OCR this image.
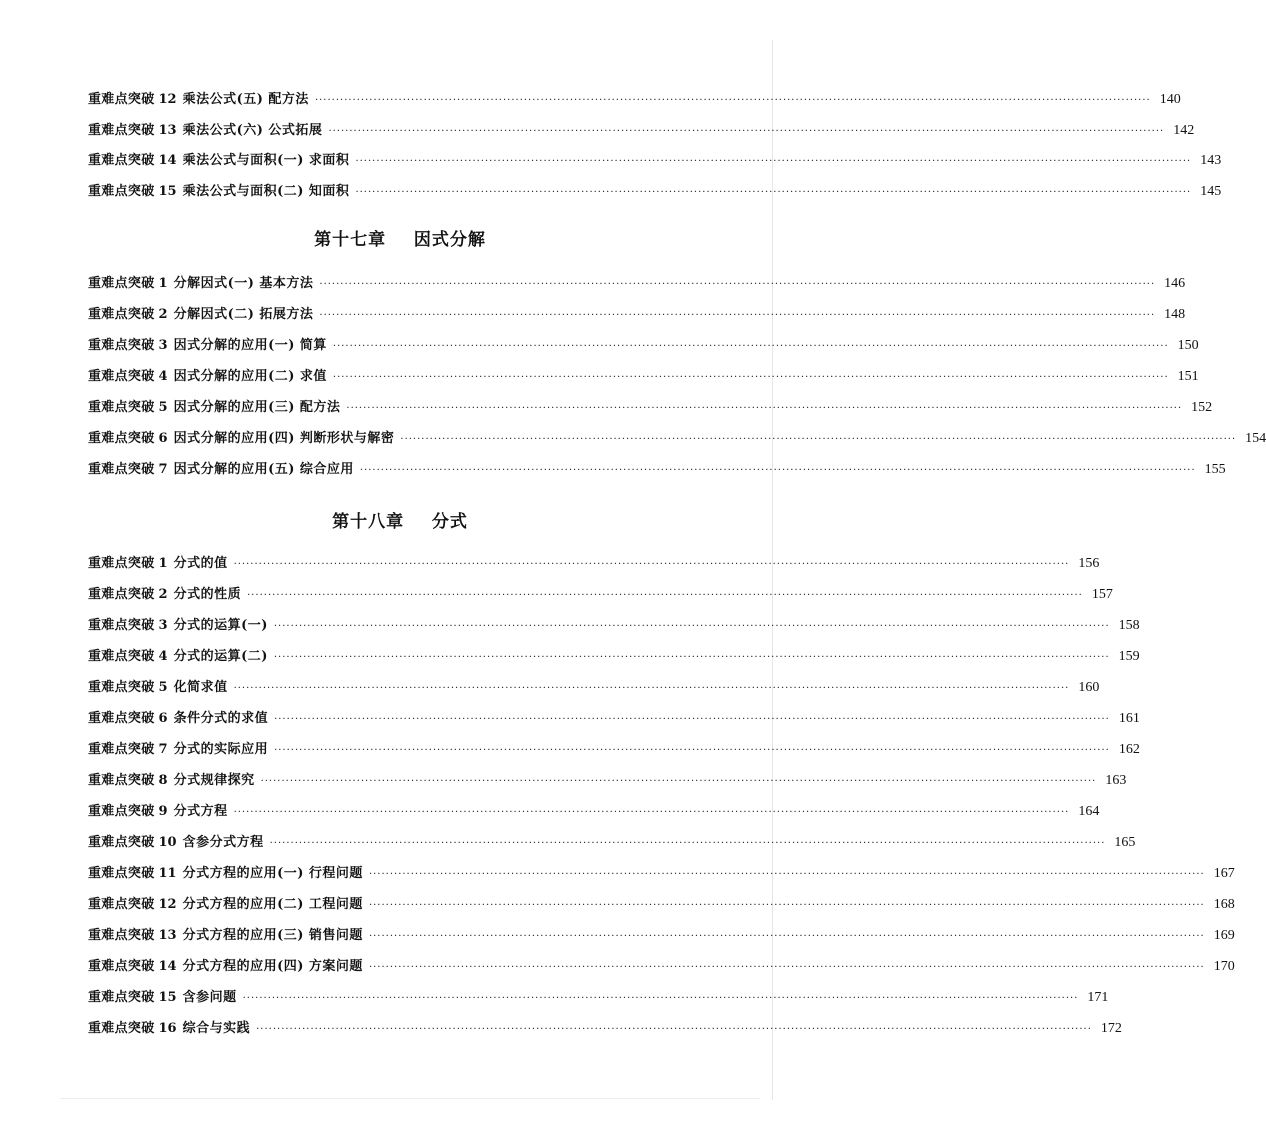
重难点突破 12 乘法公式(五) 配方法 ········································································································································································································ 140
重难点突破 13 乘法公式(六) 公式拓展 ········································································································································································································ 142
重难点突破 14 乘法公式与面积(一) 求面积 ········································································································································································································ 143
重难点突破 15 乘法公式与面积(二) 知面积 ········································································································································································································ 145
第十七章    因式分解
重难点突破 1 分解因式(一) 基本方法 ········································································································································································································ 146
重难点突破 2 分解因式(二) 拓展方法 ········································································································································································································ 148
重难点突破 3 因式分解的应用(一) 简算 ········································································································································································································ 150
重难点突破 4 因式分解的应用(二) 求值 ········································································································································································································ 151
重难点突破 5 因式分解的应用(三) 配方法 ········································································································································································································ 152
重难点突破 6 因式分解的应用(四) 判断形状与解密 ········································································································································································································ 154
重难点突破 7 因式分解的应用(五) 综合应用 ········································································································································································································ 155
第十八章    分式
重难点突破 1 分式的值 ········································································································································································································ 156
重难点突破 2 分式的性质 ········································································································································································································ 157
重难点突破 3 分式的运算(一) ········································································································································································································ 158
重难点突破 4 分式的运算(二) ········································································································································································································ 159
重难点突破 5 化简求值 ········································································································································································································ 160
重难点突破 6 条件分式的求值 ········································································································································································································ 161
重难点突破 7 分式的实际应用 ········································································································································································································ 162
重难点突破 8 分式规律探究 ········································································································································································································ 163
重难点突破 9 分式方程 ········································································································································································································ 164
重难点突破 10 含参分式方程 ········································································································································································································ 165
重难点突破 11 分式方程的应用(一) 行程问题 ········································································································································································································ 167
重难点突破 12 分式方程的应用(二) 工程问题 ········································································································································································································ 168
重难点突破 13 分式方程的应用(三) 销售问题 ········································································································································································································ 169
重难点突破 14 分式方程的应用(四) 方案问题 ········································································································································································································ 170
重难点突破 15 含参问题 ········································································································································································································ 171
重难点突破 16 综合与实践 ········································································································································································································ 172
